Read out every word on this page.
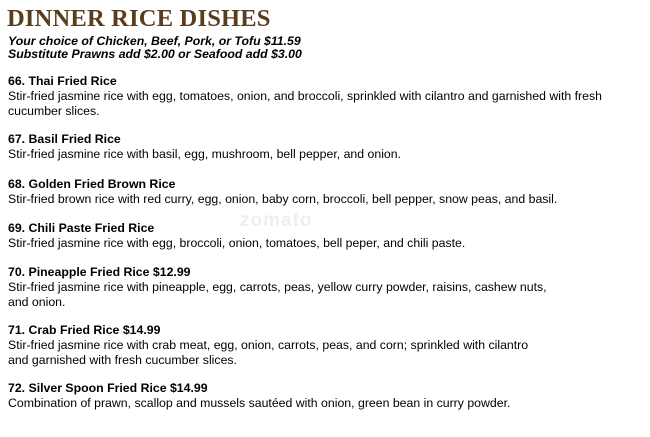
DINNER RICE DISHES

Your choice of Chicken, Beef, Pork, or Tofu $11.59

Substitute Prawns add $2.00 or Seafood add $3.00

zomato
66. Thai Fried Rice
Stir-fried jasmine rice with egg, tomatoes, onion, and broccoli, sprinkled with cilantro and garnished with fresh cucumber slices.
67. Basil Fried Rice
Stir-fried jasmine rice with basil, egg, mushroom, bell pepper, and onion.
68. Golden Fried Brown Rice
Stir-fried brown rice with red curry, egg, onion, baby corn, broccoli, bell pepper, snow peas, and basil.
69. Chili Paste Fried Rice
Stir-fried jasmine rice with egg, broccoli, onion, tomatoes, bell peper, and chili paste.
70. Pineapple Fried Rice $12.99
Stir-fried jasmine rice with pineapple, egg, carrots, peas, yellow curry powder, raisins, cashew nuts,
and onion.
71. Crab Fried Rice $14.99
Stir-fried jasmine rice with crab meat, egg, onion, carrots, peas, and corn; sprinkled with cilantro
and garnished with fresh cucumber slices.
72. Silver Spoon Fried Rice $14.99
Combination of prawn, scallop and mussels sautéed with onion, green bean in curry powder.
